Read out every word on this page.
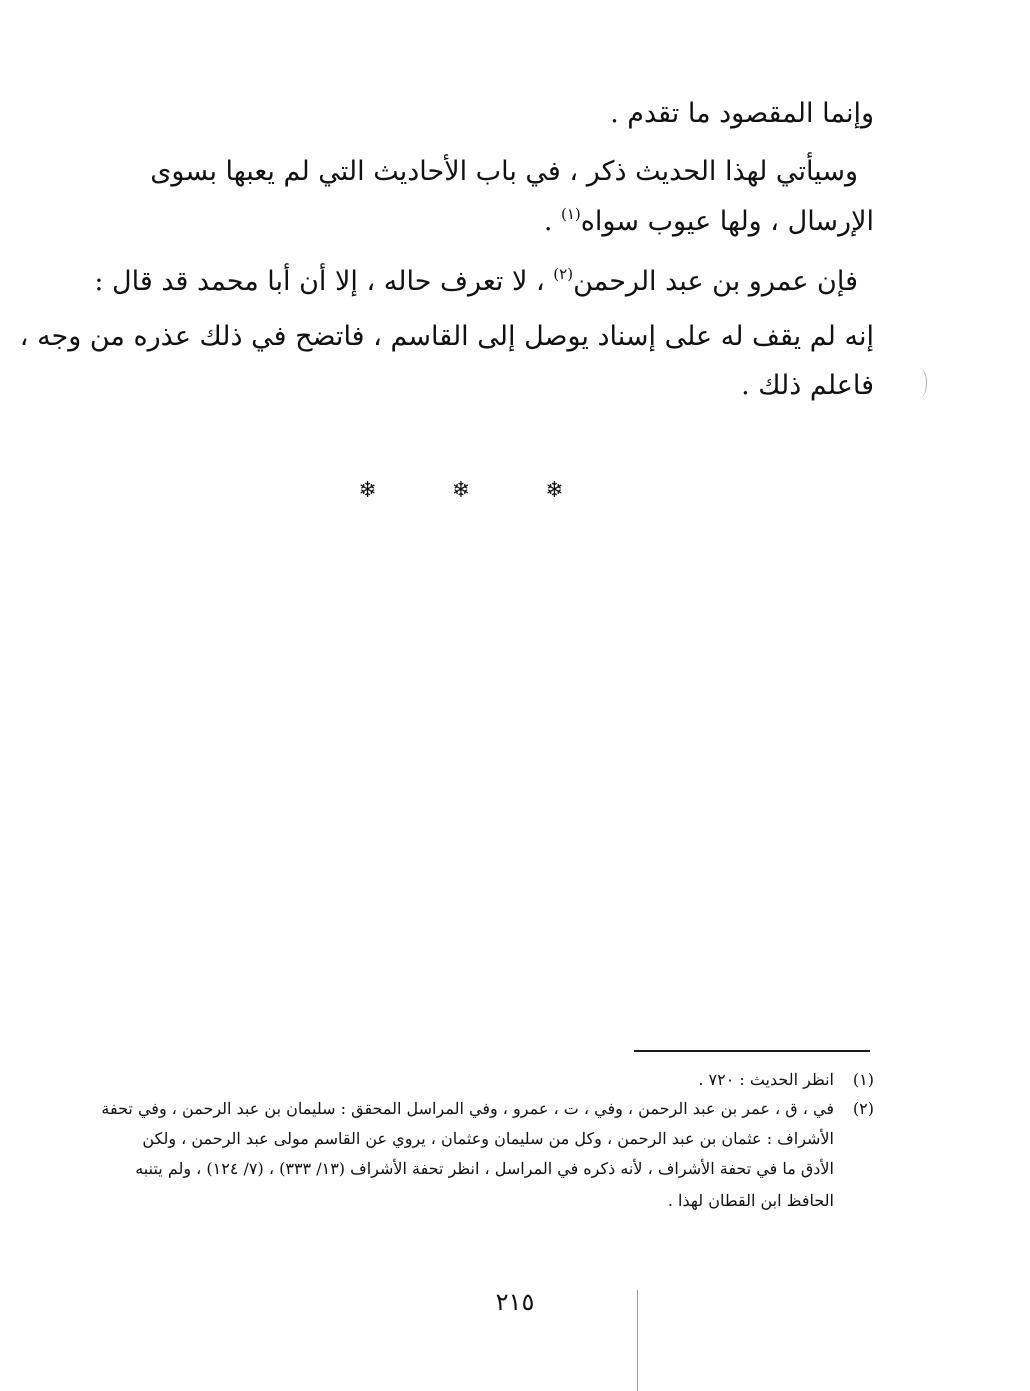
وإنما المقصود ما تقدم .
وسيأتي لهذا الحديث ذكر ، في باب الأحاديث التي لم يعبها بسوى
الإرسال ، ولها عيوب سواه$^{(١)}$ .
فإن عمرو بن عبد الرحمن$^{(٢)}$ ، لا تعرف حاله ، إلا أن أبا محمد قد قال :
إنه لم يقف له على إسناد يوصل إلى القاسم ، فاتضح في ذلك عذره من وجه ،
فاعلم ذلك .
❄ ❄ ❄
(١)انظر الحديث : ٧٢٠ .
(٢)في ، ق ، عمر بن عبد الرحمن ، وفي ، ت ، عمرو ، وفي المراسل المحقق : سليمان بن عبد الرحمن ، وفي تحفة
الأشراف : عثمان بن عبد الرحمن ، وكل من سليمان وعثمان ، يروي عن القاسم مولى عبد الرحمن ، ولكن
الأدق ما في تحفة الأشراف ، لأنه ذكره في المراسل ، انظر تحفة الأشراف (١٣/ ٣٣٣) ، (٧/ ١٢٤) ، ولم يتنبه
الحافظ ابن القطان لهذا .
٢١٥
